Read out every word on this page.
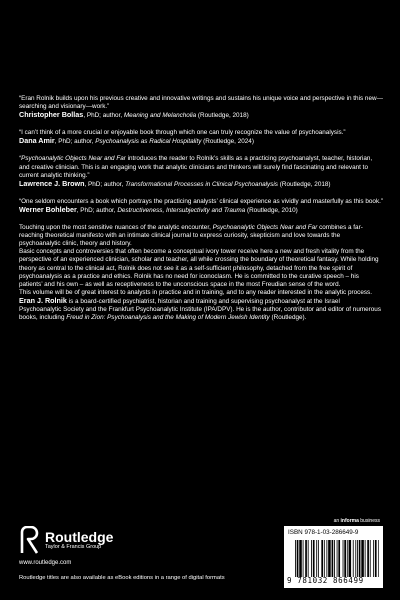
“Eran Rolnik builds upon his previous creative and innovative writings and sustains his unique voice and perspective in this new—searching and visionary—work.”

Christopher Bollas, PhD; author, Meaning and Melancholia (Routledge, 2018)

“I can’t think of a more crucial or enjoyable book through which one can truly recognize the value of psychoanalysis.”

Dana Amir, PhD; author, Psychoanalysis as Radical Hospitality (Routledge, 2024)

“Psychoanalytic Objects Near and Far introduces the reader to Rolnik’s skills as a practicing psychoanalyst, teacher, historian, and creative clinician. This is an engaging work that analytic clinicians and thinkers will surely find fascinating and relevant to current analytic thinking.”

Lawrence J. Brown, PhD; author, Transformational Processes in Clinical Psychoanalysis (Routledge, 2018)

“One seldom encounters a book which portrays the practicing analysts’ clinical experience as vividly and masterfully as this book.”

Werner Bohleber, PhD; author, Destructiveness, Intersubjectivity and Trauma (Routledge, 2010)

Touching upon the most sensitive nuances of the analytic encounter, Psychoanalytic Objects Near and Far combines a far-reaching theoretical manifesto with an intimate clinical journal to express curiosity, skepticism and love towards the psychoanalytic clinic, theory and history.

Basic concepts and controversies that often become a conceptual ivory tower receive here a new and fresh vitality from the perspective of an experienced clinician, scholar and teacher, all while crossing the boundary of theoretical fantasy. While holding theory as central to the clinical act, Rolnik does not see it as a self-sufficient philosophy, detached from the free spirit of psychoanalysis as a practice and ethics. Rolnik has no need for iconoclasm. He is committed to the curative speech – his patients’ and his own – as well as receptiveness to the unconscious space in the most Freudian sense of the word.

This volume will be of great interest to analysts in practice and in training, and to any reader interested in the analytic process.

Eran J. Rolnik is a board-certified psychiatrist, historian and training and supervising psychoanalyst at the Israel Psychoanalytic Society and the Frankfurt Psychoanalytic Institute (IPA/DPV). He is the author, contributor and editor of numerous books, including Freud in Zion: Psychoanalysis and the Making of Modern Jewish Identity (Routledge).

Routledge
Taylor & Francis Group
www.routledge.com
Routledge titles are also available as eBook editions in a range of digital formats
an informa business
ISBN 978-1-03-286649-9
9 781032 866499
